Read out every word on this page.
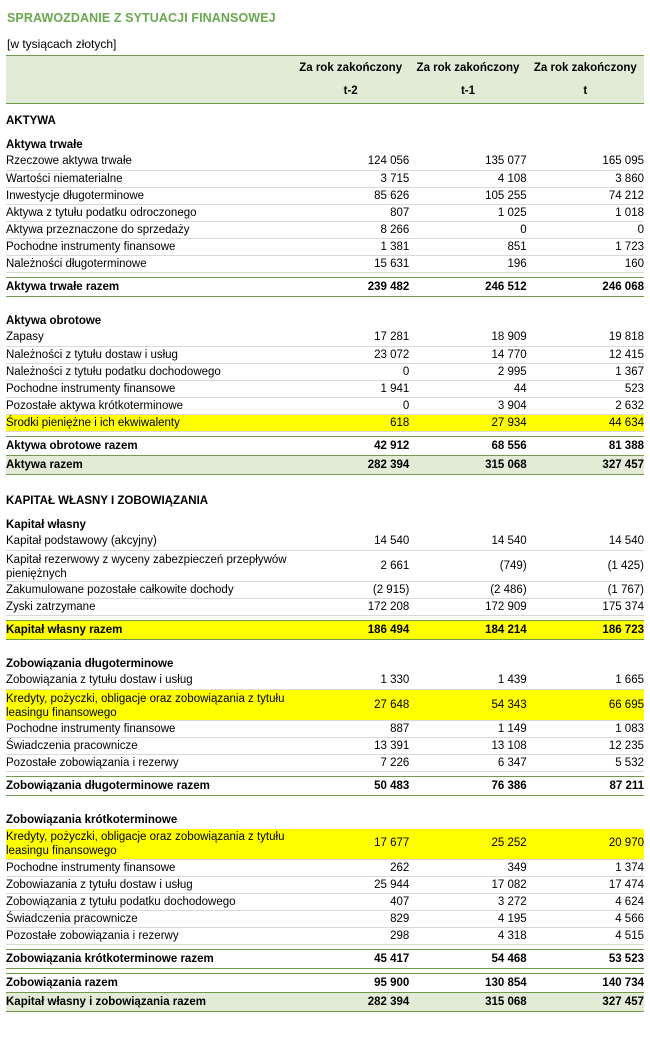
SPRAWOZDANIE Z SYTUACJI FINANSOWEJ
[w tysiącach złotych]
	Za rok zakończony	Za rok zakończony	Za rok zakończony
	t-2	t-1	t
AKTYWA			
Aktywa trwałe			
Rzeczowe aktywa trwałe	124 056	135 077	165 095
Wartości niematerialne	3 715	4 108	3 860
Inwestycje długoterminowe	85 626	105 255	74 212
Aktywa z tytułu podatku odroczonego	807	1 025	1 018
Aktywa przeznaczone do sprzedaży	8 266	0	0
Pochodne instrumenty finansowe	1 381	851	1 723
Należności długoterminowe	15 631	196	160

Aktywa trwałe razem	239 482	246 512	246 068

Aktywa obrotowe			
Zapasy	17 281	18 909	19 818
Należności z tytułu dostaw i usług	23 072	14 770	12 415
Należności z tytułu podatku dochodowego	0	2 995	1 367
Pochodne instrumenty finansowe	1 941	44	523
Pozostałe aktywa krótkoterminowe	0	3 904	2 632
Środki pieniężne i ich ekwiwalenty	618	27 934	44 634

Aktywa obrotowe razem	42 912	68 556	81 388
Aktywa razem	282 394	315 068	327 457

KAPITAŁ WŁASNY I ZOBOWIĄZANIA			
Kapitał własny			
Kapitał podstawowy (akcyjny)	14 540	14 540	14 540
Kapitał rezerwowy z wyceny zabezpieczeń przepływów pieniężnych	2 661	(749)	(1 425)
Zakumulowane pozostałe całkowite dochody	(2 915)	(2 486)	(1 767)
Zyski zatrzymane	172 208	172 909	175 374

Kapitał własny razem	186 494	184 214	186 723

Zobowiązania długoterminowe			
Zobowiązania z tytułu dostaw i usług	1 330	1 439	1 665
Kredyty, pożyczki, obligacje oraz zobowiązania z tytułu leasingu finansowego	27 648	54 343	66 695
Pochodne instrumenty finansowe	887	1 149	1 083
Świadczenia pracownicze	13 391	13 108	12 235
Pozostałe zobowiązania i rezerwy	7 226	6 347	5 532

Zobowiązania długoterminowe razem	50 483	76 386	87 211

Zobowiązania krótkoterminowe			
Kredyty, pożyczki, obligacje oraz zobowiązania z tytułu leasingu finansowego	17 677	25 252	20 970
Pochodne instrumenty finansowe	262	349	1 374
Zobowiazania z tytułu dostaw i usług	25 944	17 082	17 474
Zobowiązania z tytułu podatku dochodowego	407	3 272	4 624
Świadczenia pracownicze	829	4 195	4 566
Pozostałe zobowiązania i rezerwy	298	4 318	4 515

Zobowiązania krótkoterminowe razem	45 417	54 468	53 523

Zobowiązania razem	95 900	130 854	140 734
Kapitał własny i zobowiązania razem	282 394	315 068	327 457
